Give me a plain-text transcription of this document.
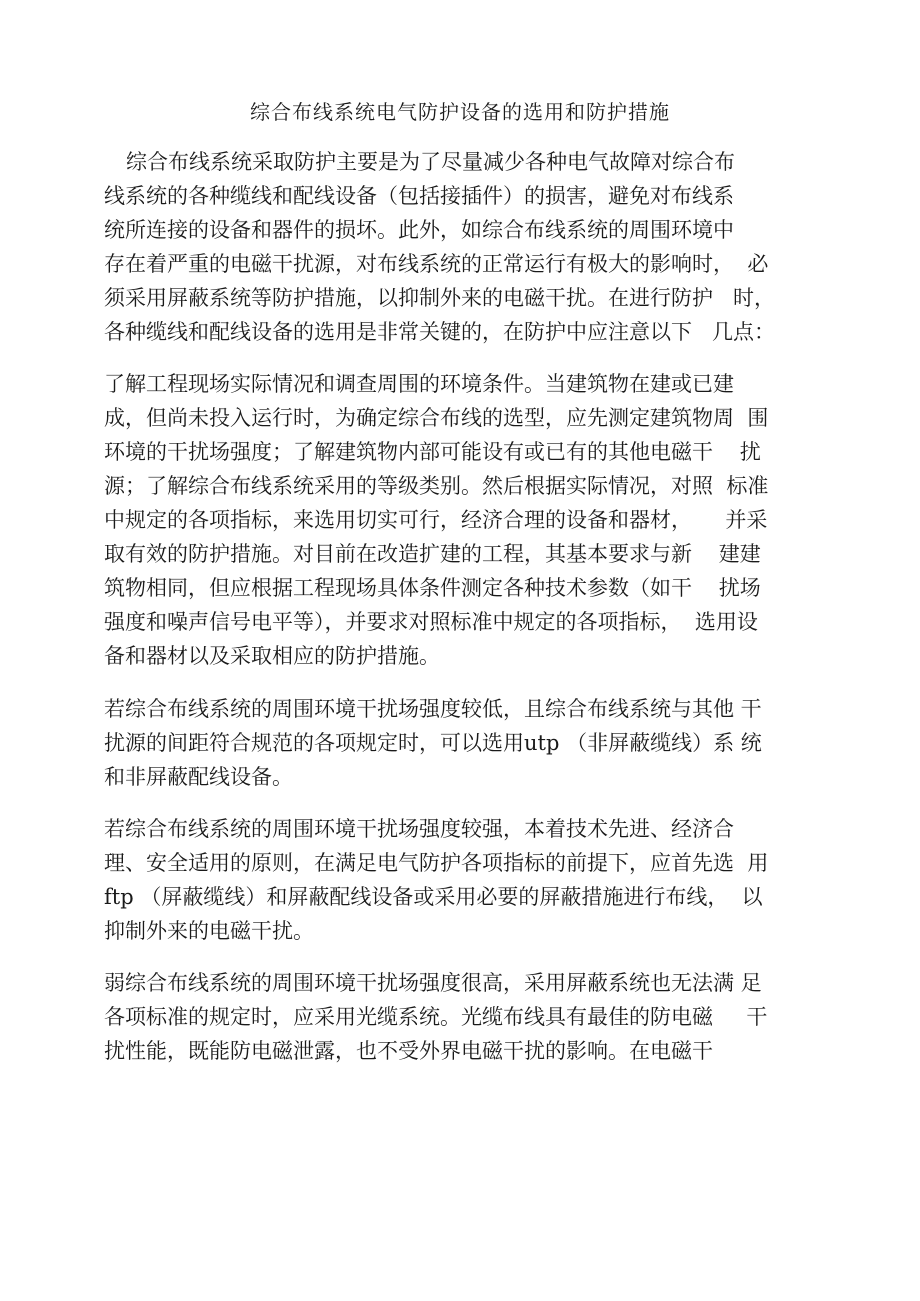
综合布线系统电气防护设备的选用和防护措施
综合布线系统采取防护主要是为了尽量减少各种电气故障对综合布
线系统的各种缆线和配线设备（包括接插件）的损害，避免对布线系
统所连接的设备和器件的损坏。此外，如综合布线系统的周围环境中
存在着严重的电磁干扰源，对布线系统的正常运行有极大的影响时，  必
须采用屏蔽系统等防护措施，以抑制外来的电磁干扰。在进行防护   时，
各种缆线和配线设备的选用是非常关键的，在防护中应注意以下   几点：
了解工程现场实际情况和调查周围的环境条件。当建筑物在建或已建
成，但尚未投入运行时，为确定综合布线的选型，应先测定建筑物周  围
环境的干扰场强度；了解建筑物内部可能设有或已有的其他电磁干    扰
源；了解综合布线系统采用的等级类别。然后根据实际情况，对照  标准
中规定的各项指标，来选用切实可行，经济合理的设备和器材，     并采
取有效的防护措施。对目前在改造扩建的工程，其基本要求与新    建建
筑物相同，但应根据工程现场具体条件测定各种技术参数（如干    扰场
强度和噪声信号电平等），并要求对照标准中规定的各项指标，  选用设
备和器材以及采取相应的防护措施。
若综合布线系统的周围环境干扰场强度较低，且综合布线系统与其他 干
扰源的间距符合规范的各项规定时，可以选用utp （非屏蔽缆线）系 统
和非屏蔽配线设备。
若综合布线系统的周围环境干扰场强度较强，本着技术先进、经济合
理、安全适用的原则，在满足电气防护各项指标的前提下，应首先选  用
ftp （屏蔽缆线）和屏蔽配线设备或采用必要的屏蔽措施进行布线，  以
抑制外来的电磁干扰。
弱综合布线系统的周围环境干扰场强度很高，采用屏蔽系统也无法满 足
各项标准的规定时，应采用光缆系统。光缆布线具有最佳的防电磁     干
扰性能，既能防电磁泄露，也不受外界电磁干扰的影响。在电磁干
